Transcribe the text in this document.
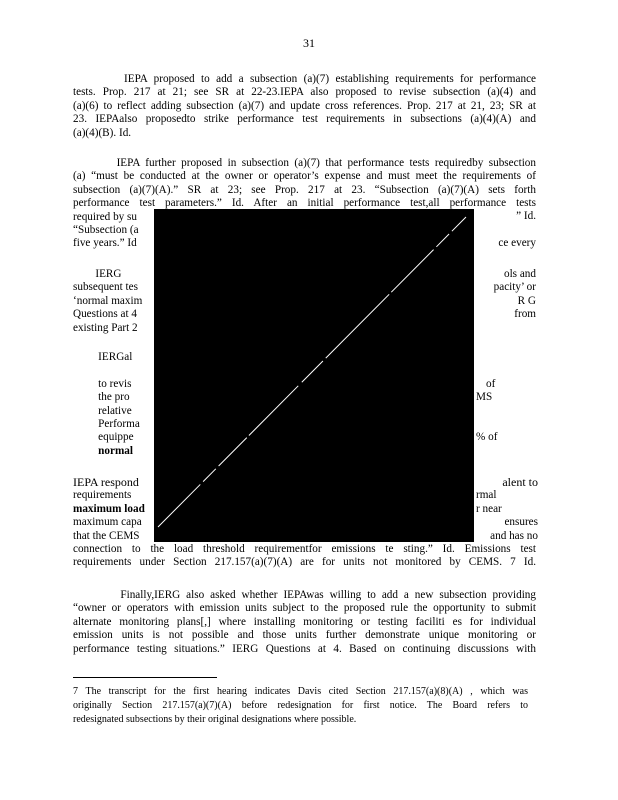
31
IEPA proposed to add a subsection (a)(7) establishing requirements for performance
tests. Prop. 217 at 21; see SR at 22-23.IEPA also proposed to revise subsection (a)(4) and
(a)(6) to reflect adding subsection (a)(7) and update cross references. Prop. 217 at 21, 23; SR at
23. IEPAalso proposedto strike performance test requirements in subsections (a)(4)(A) and
(a)(4)(B). Id.
IEPA further proposed in subsection (a)(7) that performance tests requiredby subsection
(a) “must be conducted at the owner or operator’s expense and must meet the requirements of
subsection (a)(7)(A).” SR at 23; see Prop. 217 at 23. “Subsection (a)(7)(A) sets forth
performance test parameters.” Id. After an initial performance test,all performance tests
required by su
“Subsection (a
five years.” Id
” Id.
ce every
IERG
subsequent tes
‘normal maxim
Questions at 4
existing Part 2
ols and
pacity’ or
R G
from
IERGal
to revis
the pro
relative
Performa
equippe
normal
of
MS
% of
IEPA respond
requirements
maximum load
maximum capa
that the CEMS
connection to the load threshold requirementfor emissions te sting.” Id. Emissions test
requirements under Section 217.157(a)(7)(A) are for units not monitored by CEMS. 7 Id.
alent to
rmal
r near
ensures
and has no
Finally,IERG also asked whether IEPAwas willing to add a new subsection providing
“owner or operators with emission units subject to the proposed rule the opportunity to submit
alternate monitoring plans[,] where installing monitoring or testing faciliti es for individual
emission units is not possible and those units further demonstrate unique monitoring or
performance testing situations.” IERG Questions at 4. Based on continuing discussions with
7 The transcript for the first hearing indicates Davis cited Section 217.157(a)(8)(A) , which was
originally Section 217.157(a)(7)(A) before redesignation for first notice. The Board refers to
redesignated subsections by their original designations where possible.
